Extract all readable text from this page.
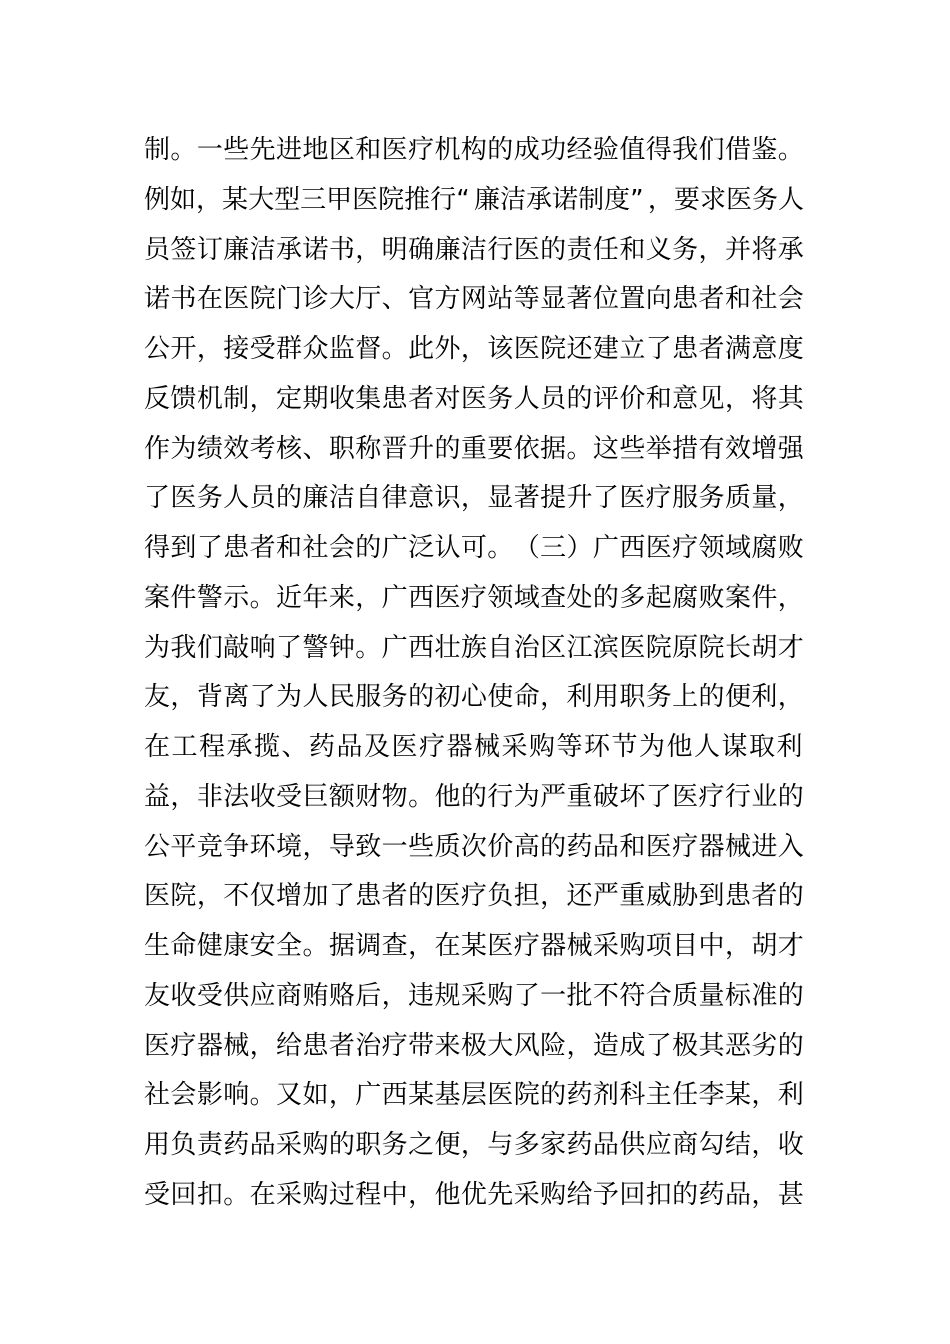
制 。 一 些 先 进 地 区 和 医 疗 机 构 的 成 功 经 验 值 得 我 们 借 鉴 。
例 如 ， 某 大 型 三 甲 医 院 推 行 “ 廉 洁 承 诺 制 度 ” ， 要 求 医 务 人
员 签 订 廉 洁 承 诺 书 ， 明 确 廉 洁 行 医 的 责 任 和 义 务 ， 并 将 承
诺 书 在 医 院 门 诊 大 厅 、 官 方 网 站 等 显 著 位 置 向 患 者 和 社 会
公 开 ， 接 受 群 众 监 督 。 此 外 ， 该 医 院 还 建 立 了 患 者 满 意 度
反 馈 机 制 ， 定 期 收 集 患 者 对 医 务 人 员 的 评 价 和 意 见 ， 将 其
作 为 绩 效 考 核 、 职 称 晋 升 的 重 要 依 据 。 这 些 举 措 有 效 增 强
了 医 务 人 员 的 廉 洁 自 律 意 识 ， 显 著 提 升 了 医 疗 服 务 质 量 ，
得 到 了 患 者 和 社 会 的 广 泛 认 可 。 （ 三 ） 广 西 医 疗 领 域 腐 败
案 件 警 示 。 近 年 来 ， 广 西 医 疗 领 域 查 处 的 多 起 腐 败 案 件 ，
为 我 们 敲 响 了 警 钟 。 广 西 壮 族 自 治 区 江 滨 医 院 原 院 长 胡 才
友 ， 背 离 了 为 人 民 服 务 的 初 心 使 命 ， 利 用 职 务 上 的 便 利 ，
在 工 程 承 揽 、 药 品 及 医 疗 器 械 采 购 等 环 节 为 他 人 谋 取 利
益 ， 非 法 收 受 巨 额 财 物 。 他 的 行 为 严 重 破 坏 了 医 疗 行 业 的
公 平 竞 争 环 境 ， 导 致 一 些 质 次 价 高 的 药 品 和 医 疗 器 械 进 入
医 院 ， 不 仅 增 加 了 患 者 的 医 疗 负 担 ， 还 严 重 威 胁 到 患 者 的
生 命 健 康 安 全 。 据 调 查 ， 在 某 医 疗 器 械 采 购 项 目 中 ， 胡 才
友 收 受 供 应 商 贿 赂 后 ， 违 规 采 购 了 一 批 不 符 合 质 量 标 准 的
医 疗 器 械 ， 给 患 者 治 疗 带 来 极 大 风 险 ， 造 成 了 极 其 恶 劣 的
社 会 影 响 。 又 如 ， 广 西 某 基 层 医 院 的 药 剂 科 主 任 李 某 ， 利
用 负 责 药 品 采 购 的 职 务 之 便 ， 与 多 家 药 品 供 应 商 勾 结 ， 收
受 回 扣 。 在 采 购 过 程 中 ， 他 优 先 采 购 给 予 回 扣 的 药 品 ， 甚
